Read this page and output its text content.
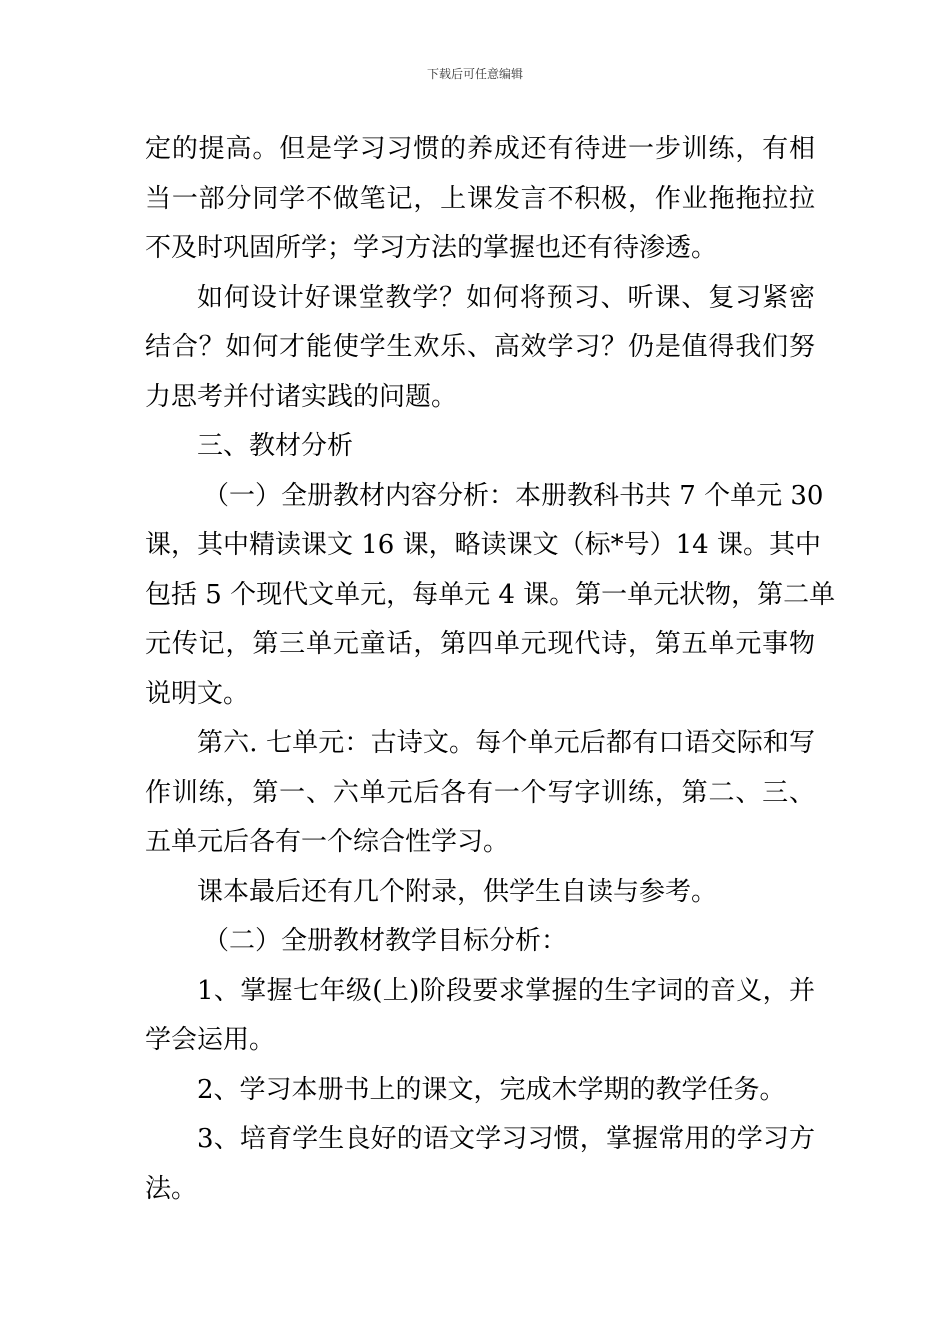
下载后可任意编辑
定的提高。但是学习习惯的养成还有待进一步训练，有相
当一部分同学不做笔记，上课发言不积极，作业拖拖拉拉
不及时巩固所学；学习方法的掌握也还有待渗透。
如何设计好课堂教学？如何将预习、听课、复习紧密
结合？如何才能使学生欢乐、高效学习？仍是值得我们努
力思考并付诸实践的问题。
三、教材分析
（一）全册教材内容分析：本册教科书共 7 个单元 30
课，其中精读课文 16 课，略读课文（标*号）14 课。其中
包括 5 个现代文单元，每单元 4 课。第一单元状物，第二单
元传记，第三单元童话，第四单元现代诗，第五单元事物
说明文。
第六. 七单元：古诗文。每个单元后都有口语交际和写
作训练，第一、六单元后各有一个写字训练，第二、三、
五单元后各有一个综合性学习。
课本最后还有几个附录，供学生自读与参考。
（二）全册教材教学目标分析：
1、掌握七年级(上)阶段要求掌握的生字词的音义，并
学会运用。
2、学习本册书上的课文，完成木学期的教学任务。
3、培育学生良好的语文学习习惯，掌握常用的学习方
法。
